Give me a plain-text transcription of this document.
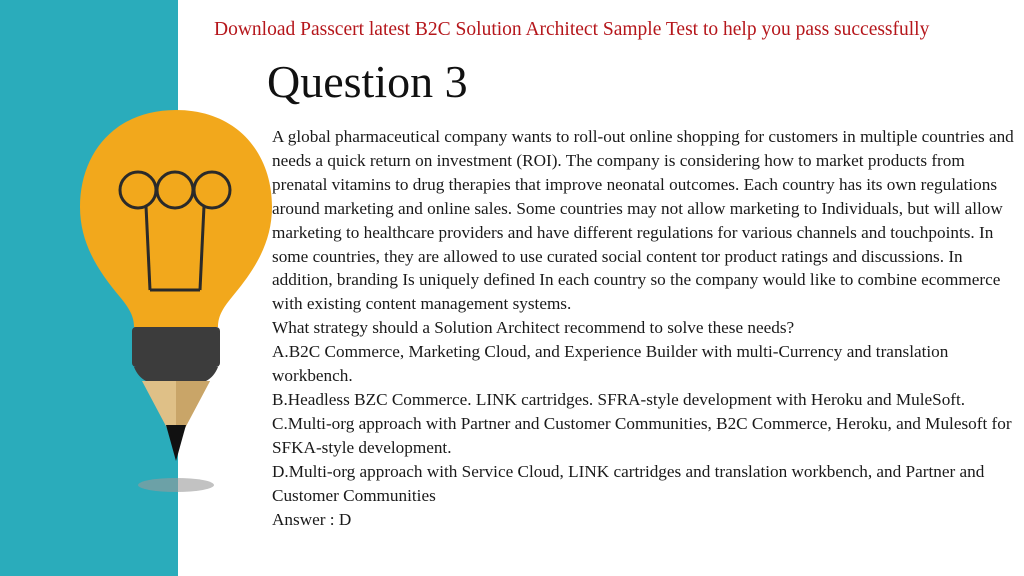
Download Passcert latest B2C Solution Architect Sample Test to help you pass successfully
Question 3

A global pharmaceutical company wants to roll-out online shopping for customers in multiple countries and needs a quick return on investment (ROI). The company is considering how to market products from prenatal vitamins to drug therapies that improve neonatal outcomes. Each country has its own regulations around marketing and online sales. Some countries may not allow marketing to Individuals, but will allow marketing to healthcare providers and have different regulations for various channels and touchpoints. In some countries, they are allowed to use curated social content tor product ratings and discussions. In addition, branding Is uniquely defined In each country so the company would like to combine ecommerce with existing content management systems.

What strategy should a Solution Architect recommend to solve these needs?

A.B2C Commerce, Marketing Cloud, and Experience Builder with multi-Currency and translation workbench.

B.Headless BZC Commerce. LINK cartridges. SFRA-style development with Heroku and MuleSoft.

C.Multi-org approach with Partner and Customer Communities, B2C Commerce, Heroku, and Mulesoft for SFKA-style development.

D.Multi-org approach with Service Cloud, LINK cartridges and translation workbench, and Partner and Customer Communities

Answer : D
